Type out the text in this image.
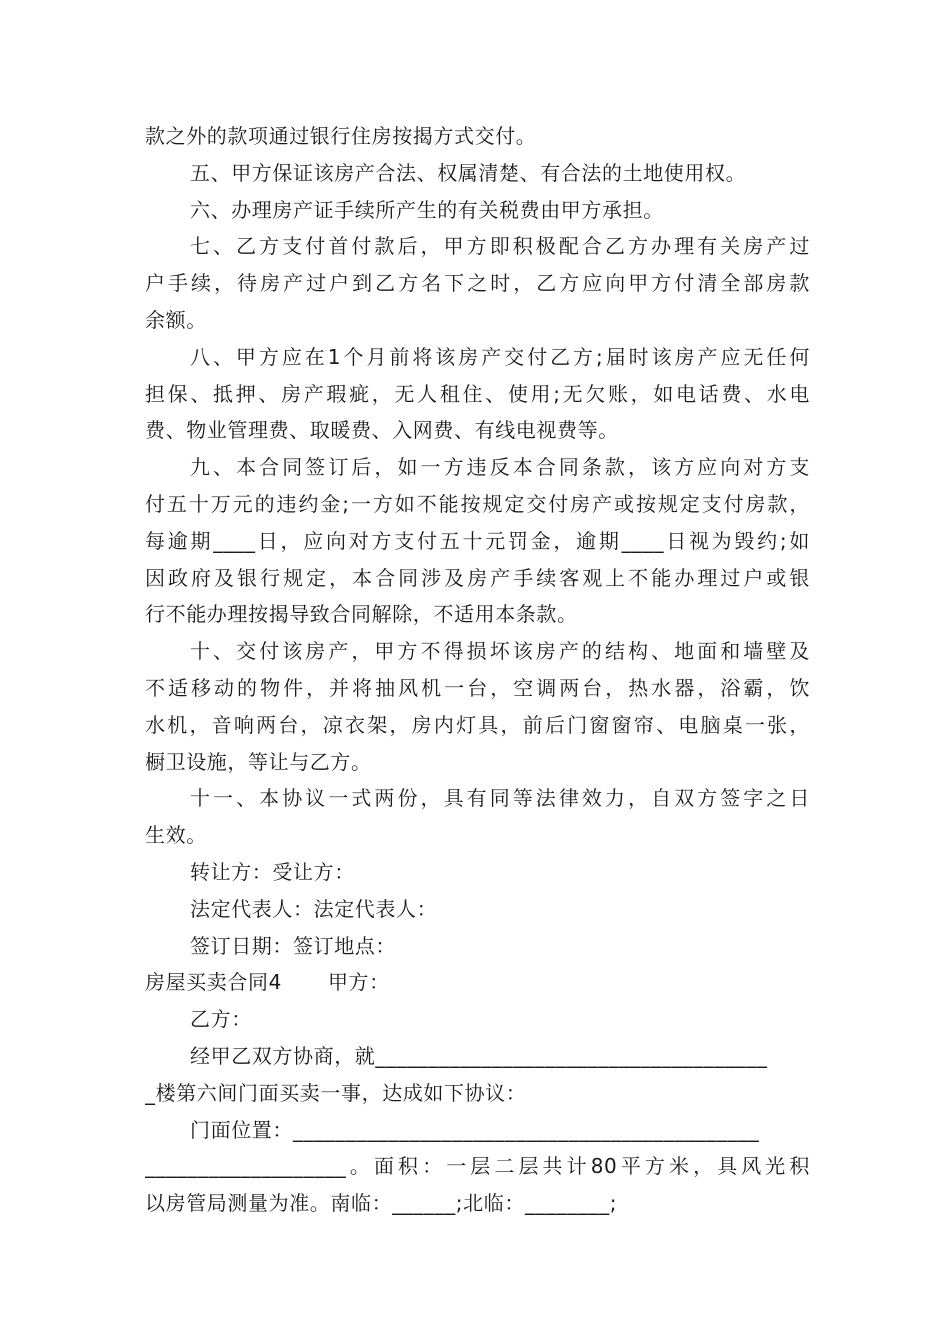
款之外的款项通过银行住房按揭方式交付。
五、甲方保证该房产合法、权属清楚、有合法的土地使用权。
六、办理房产证手续所产生的有关税费由甲方承担。
七、乙方支付首付款后，甲方即积极配合乙方办理有关房产过
户手续，待房产过户到乙方名下之时，乙方应向甲方付清全部房款
余额。
八、甲方应在1个月前将该房产交付乙方;届时该房产应无任何
担保、抵押、房产瑕疵，无人租住、使用;无欠账，如电话费、水电
费、物业管理费、取暖费、入网费、有线电视费等。
九、本合同签订后，如一方违反本合同条款，该方应向对方支
付五十万元的违约金;一方如不能按规定交付房产或按规定支付房款，
每逾期____日，应向对方支付五十元罚金，逾期____日视为毁约;如
因政府及银行规定，本合同涉及房产手续客观上不能办理过户或银
行不能办理按揭导致合同解除，不适用本条款。
十、交付该房产，甲方不得损坏该房产的结构、地面和墙壁及
不适移动的物件，并将抽风机一台，空调两台，热水器，浴霸，饮
水机，音响两台，凉衣架，房内灯具，前后门窗窗帘、电脑桌一张，
橱卫设施，等让与乙方。
十一、本协议一式两份，具有同等法律效力，自双方签字之日
生效。
转让方：受让方：
法定代表人：法定代表人：
签订日期：签订地点：
房屋买卖合同4 甲方：
乙方：
经甲乙双方协商，就_____________________________________
_楼第六间门面买卖一事，达成如下协议：
门面位置：____________________________________________
___________________。面积：一层二层共计80平方米，具风光积
以房管局测量为准。南临：______;北临：________;
